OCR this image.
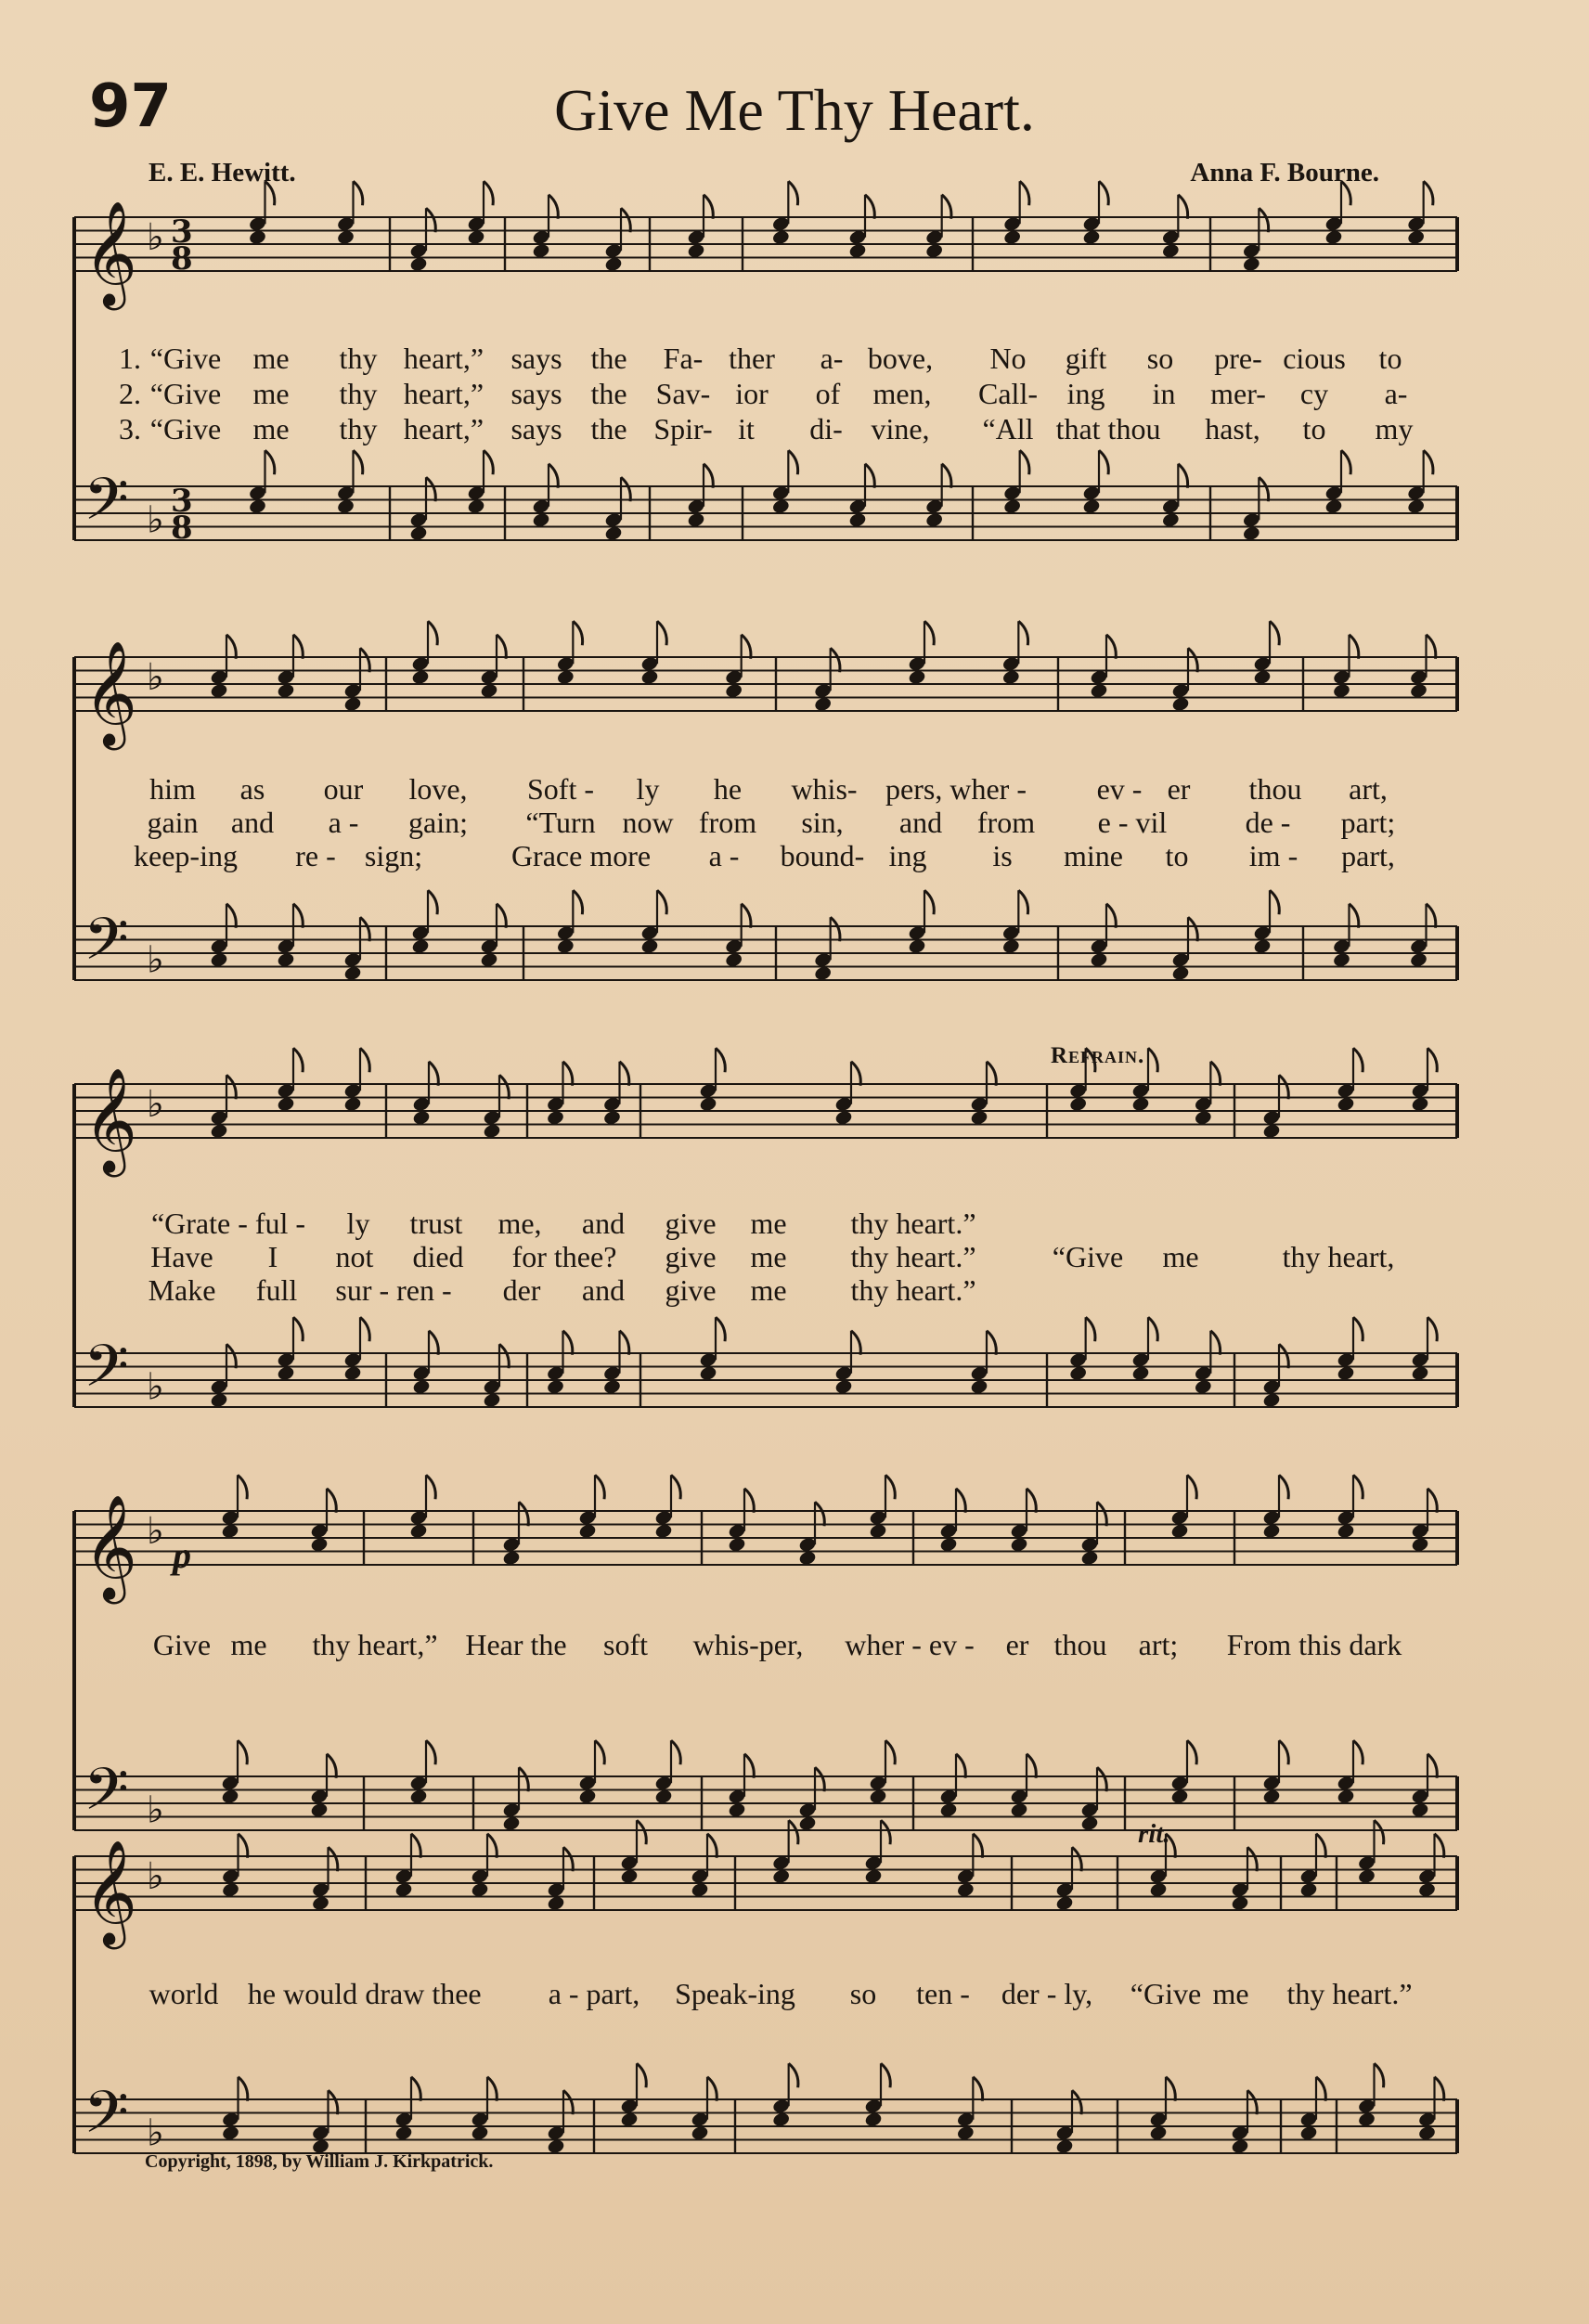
97	Give Me Thy Heart.
E. E. Hewitt.	Anna F. Bourne.
𝄞
𝄢
♭
♭
3
8
3
8
𝄞
𝄢
♭
♭
𝄞
𝄢
♭
♭
𝄞
𝄢
♭
♭
𝄞
𝄢
♭
♭
Refrain.
p
rit.
1. “Give me thy heart,” says the Fa- ther a- bove, No gift so pre- cious to
2. “Give me thy heart,” says the Sav- ior of men, Call- ing in mer- cy a-
3. “Give me thy heart,” says the Spir- it di- vine, “All that thou hast, to my
him as our love, Soft - ly he whis- pers, wher - ev - er thou art,
gain and a - gain; “Turn now from sin, and from e - vil	de - part;
keep-ing re - sign;	Grace more a - bound- ing is mine to im - part,
“Grate - ful - ly trust me, and give me thy heart.”
Have I not died for thee? give me thy heart.”	“Give me	thy heart,
Make full sur - ren - der and give me thy heart.”
Give me thy heart,” Hear the soft whis-per, wher - ev - er thou art; From this dark
world he would draw thee a - part, Speak-ing so ten - der - ly, “Give me thy heart.”
Copyright, 1898, by William J. Kirkpatrick.
